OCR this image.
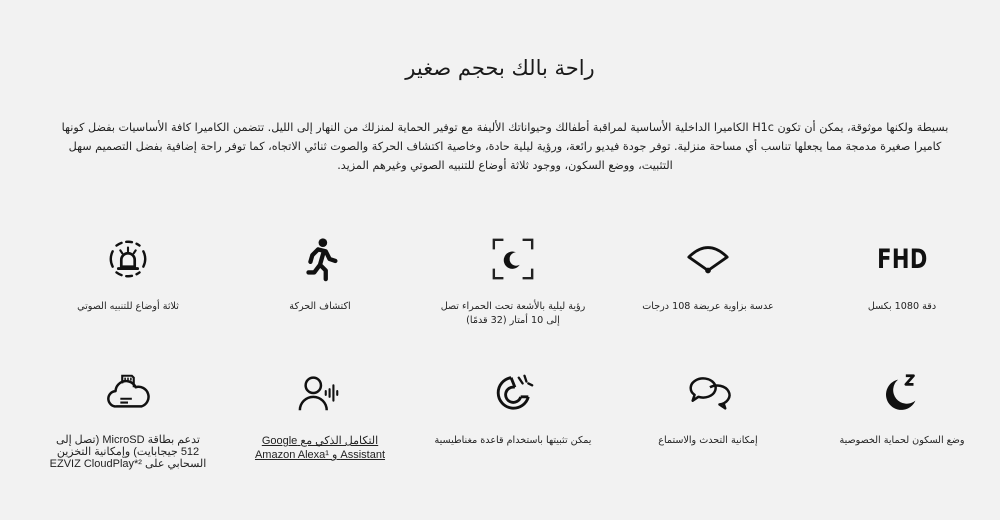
راحة بالك بحجم صغير

بسيطة ولكنها موثوقة، يمكن أن تكون H1c الكاميرا الداخلية الأساسية لمراقبة أطفالك وحيواناتك الأليفة مع توفير الحماية لمنزلك من النهار إلى الليل. تتضمن الكاميرا كافة الأساسيات بفضل كونها كاميرا صغيرة مدمجة مما يجعلها تناسب أي مساحة منزلية. توفر جودة فيديو رائعة، ورؤية ليلية حادة، وخاصية اكتشاف الحركة والصوت ثنائي الاتجاه، كما توفر راحة إضافية بفضل التصميم سهل التثبيت، ووضع السكون، ووجود ثلاثة أوضاع للتنبيه الصوتي وغيرهم المزيد.

FHD
دقة 1080 بكسل
عدسة بزاوية عريضة 108 درجات
رؤية ليلية بالأشعة تحت الحمراء تصل إلى 10 أمتار (32 قدمًا)
اكتشاف الحركة
ثلاثة أوضاع للتنبيه الصوتي
وضع السكون لحماية الخصوصية
إمكانية التحدث والاستماع
يمكن تثبيتها باستخدام قاعدة مغناطيسية
التكامل الذكي مع Google Assistant و Amazon Alexa¹
تدعم بطاقة MicroSD (تصل إلى 512 جيجابايت) وإمكانية التخزين السحابي على EZVIZ CloudPlay*²
